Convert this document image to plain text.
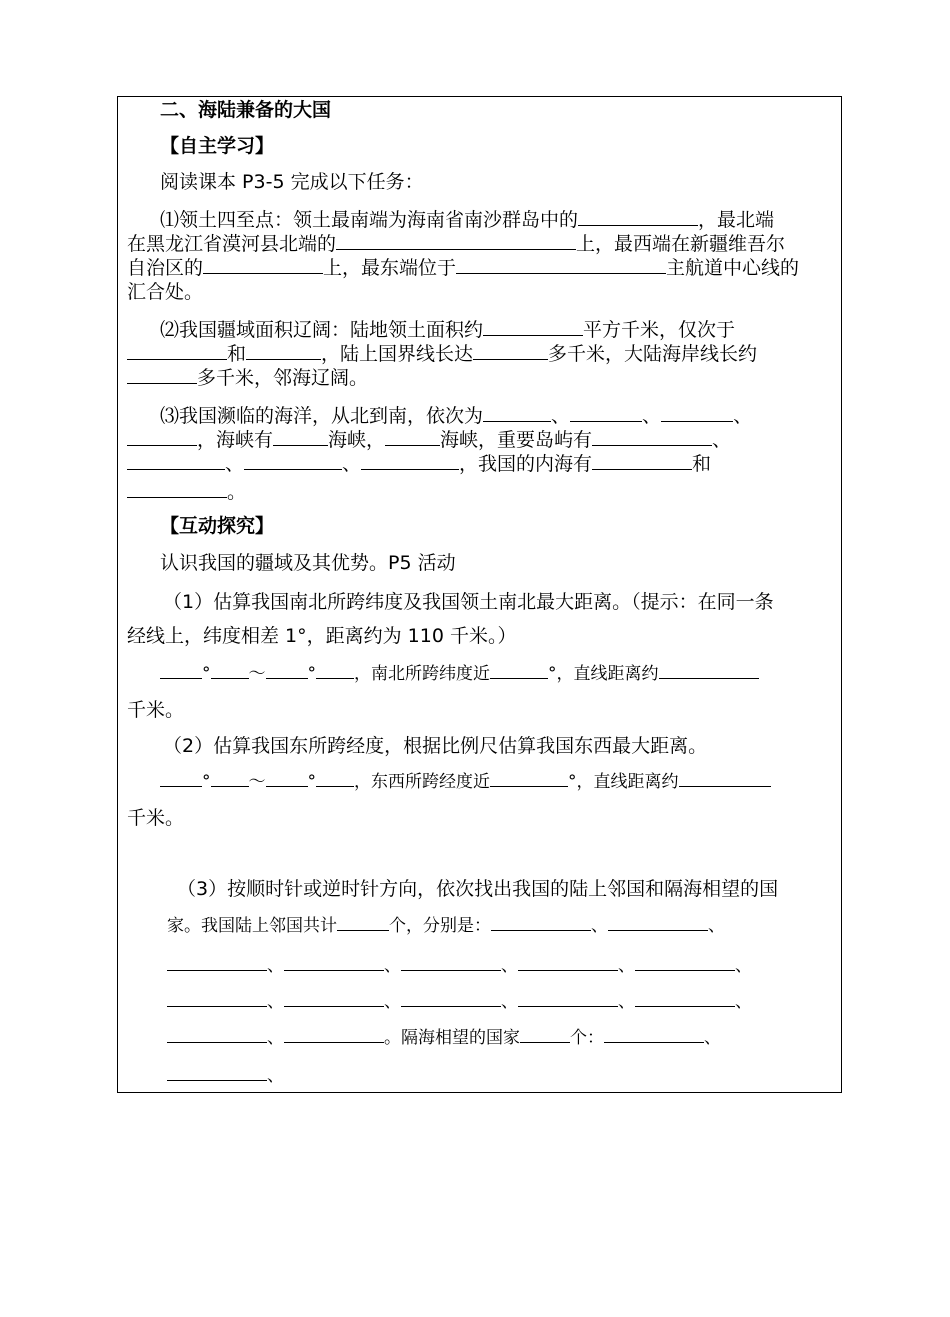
二、海陆兼备的大国
【自主学习】
阅读课本 P3-5 完成以下任务：
⑴领土四至点：领土最南端为海南省南沙群岛中的	，最北端
在黑龙江省漠河县北端的	上，最西端在新疆维吾尔
自治区的	上，最东端位于	主航道中心线的
汇合处。
⑵我国疆域面积辽阔：陆地领土面积约	平方千米，仅次于
和	，陆上国界线长达	多千米，大陆海岸线长约
多千米，邻海辽阔。
⑶我国濒临的海洋，从北到南，依次为	、	、	、
，海峡有	海峡，	海峡，重要岛屿有	、
、	、	，我国的内海有	和
。
【互动探究】
认识我国的疆域及其优势。P5 活动
（1）估算我国南北所跨纬度及我国领土南北最大距离。（提示：在同一条
经线上，纬度相差 1°，距离约为 110 千米。）
° ～ ° ，南北所跨纬度近	°，直线距离约
千米。
（2）估算我国东所跨经度，根据比例尺估算我国东西最大距离。
° ～ ° ，东西所跨经度近	°，直线距离约
千米。
（3）按顺时针或逆时针方向，依次找出我国的陆上邻国和隔海相望的国
家。我国陆上邻国共计	个，分别是：	、	、
、	、	、	、	、
、	、	、	、	、
、	。隔海相望的国家	个：	、
、
